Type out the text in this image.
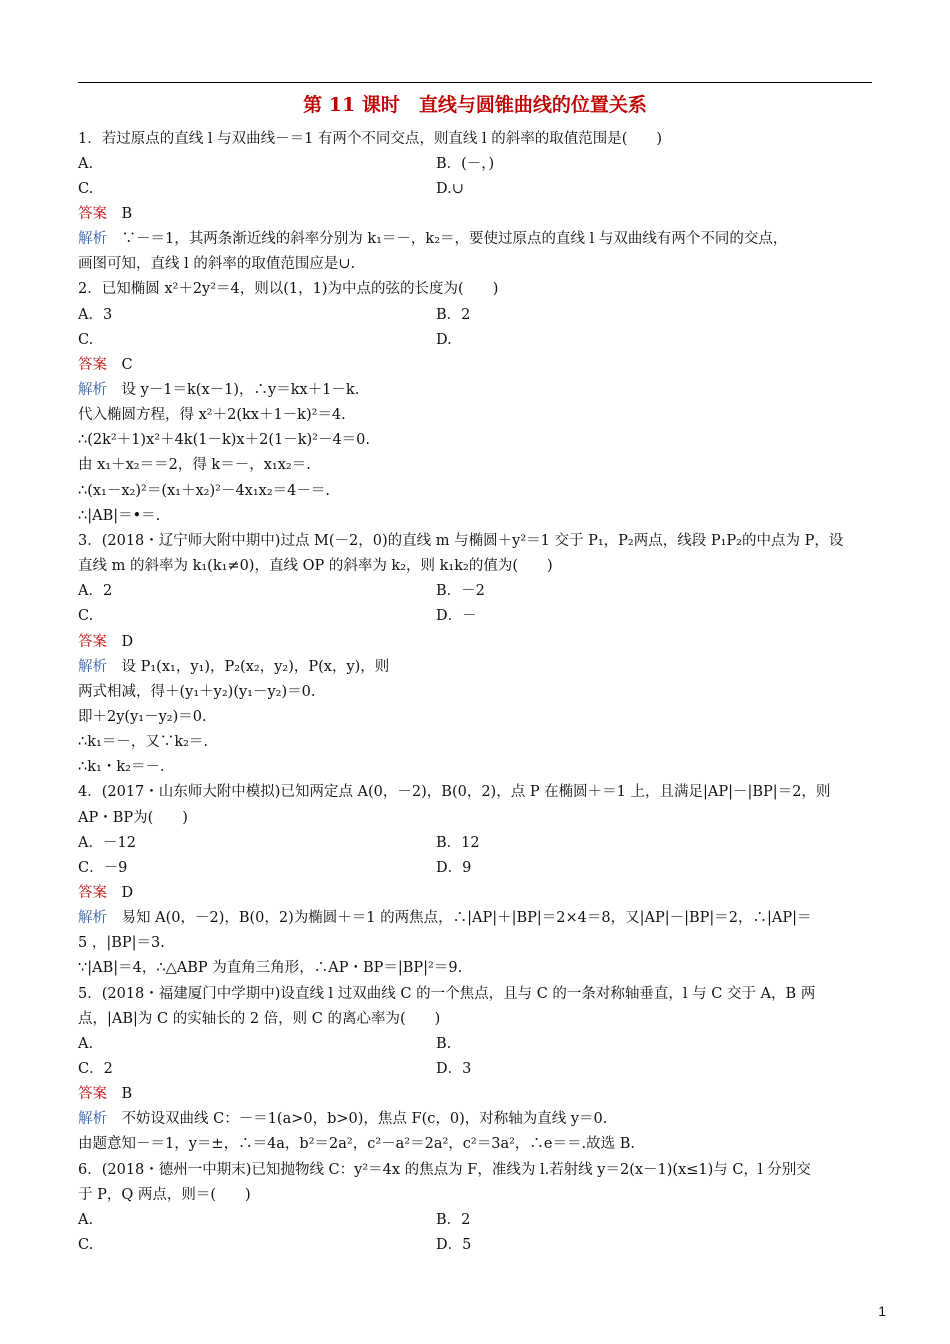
第 11 课时　直线与圆锥曲线的位置关系
1．若过原点的直线 l 与双曲线－＝1 有两个不同交点，则直线 l 的斜率的取值范围是(　　)
A.	B．(－，)
C.	D.∪
答案　 B
解析　 ∵－＝1，其两条渐近线的斜率分别为 k₁＝－，k₂＝，要使过原点的直线 l 与双曲线有两个不同的交点，
画图可知，直线 l 的斜率的取值范围应是∪.
2．已知椭圆 x²＋2y²＝4，则以(1，1)为中点的弦的长度为(　　)
A．3	B．2
C.	D.
答案　 C
解析　 设 y－1＝k(x－1)，∴y＝kx＋1－k.
代入椭圆方程，得 x²＋2(kx＋1－k)²＝4.
∴(2k²＋1)x²＋4k(1－k)x＋2(1－k)²－4＝0.
由 x₁＋x₂＝＝2，得 k＝－，x₁x₂＝.
∴(x₁－x₂)²＝(x₁＋x₂)²－4x₁x₂＝4－＝.
∴|AB|＝•＝.
3．(2018・辽宁师大附中期中)过点 M(－2，0)的直线 m 与椭圆＋y²＝1 交于 P₁，P₂两点，线段 P₁P₂的中点为 P，设
直线 m 的斜率为 k₁(k₁≠0)，直线 OP 的斜率为 k₂，则 k₁k₂的值为(　　)
A．2	B．－2
C.	D．－
答案　 D
解析　 设 P₁(x₁，y₁)，P₂(x₂，y₂)，P(x，y)，则
两式相减，得＋(y₁＋y₂)(y₁－y₂)＝0.
即＋2y(y₁－y₂)＝0.
∴k₁＝－，又∵k₂＝.
∴k₁・k₂＝－.
4．(2017・山东师大附中模拟)已知两定点 A(0，－2)，B(0，2)，点 P 在椭圆＋＝1 上，且满足|AP|－|BP|＝2，则
AP・BP为(　　)
A．－12	B．12
C．－9	D．9
答案　 D
解析　 易知 A(0，－2)，B(0，2)为椭圆＋＝1 的两焦点，∴|AP|＋|BP|＝2×4＝8，又|AP|－|BP|＝2，∴|AP|＝
5 ，|BP|＝3.
∵|AB|＝4，∴△ABP 为直角三角形，∴AP・BP＝|BP|²＝9.
5．(2018・福建厦门中学期中)设直线 l 过双曲线 C 的一个焦点，且与 C 的一条对称轴垂直，l 与 C 交于 A，B 两
点，|AB|为 C 的实轴长的 2 倍，则 C 的离心率为(　　)
A.	B.
C．2	D．3
答案　 B
解析　 不妨设双曲线 C：－＝1(a>0，b>0)，焦点 F(c，0)，对称轴为直线 y＝0.
由题意知－＝1，y＝±，∴＝4a，b²＝2a²，c²－a²＝2a²，c²＝3a²，∴e＝＝.故选 B.
6．(2018・德州一中期末)已知抛物线 C：y²＝4x 的焦点为 F，准线为 l.若射线 y＝2(x－1)(x≤1)与 C，l 分别交
于 P，Q 两点，则＝(　　)
A.	B．2
C.	D．5
1
